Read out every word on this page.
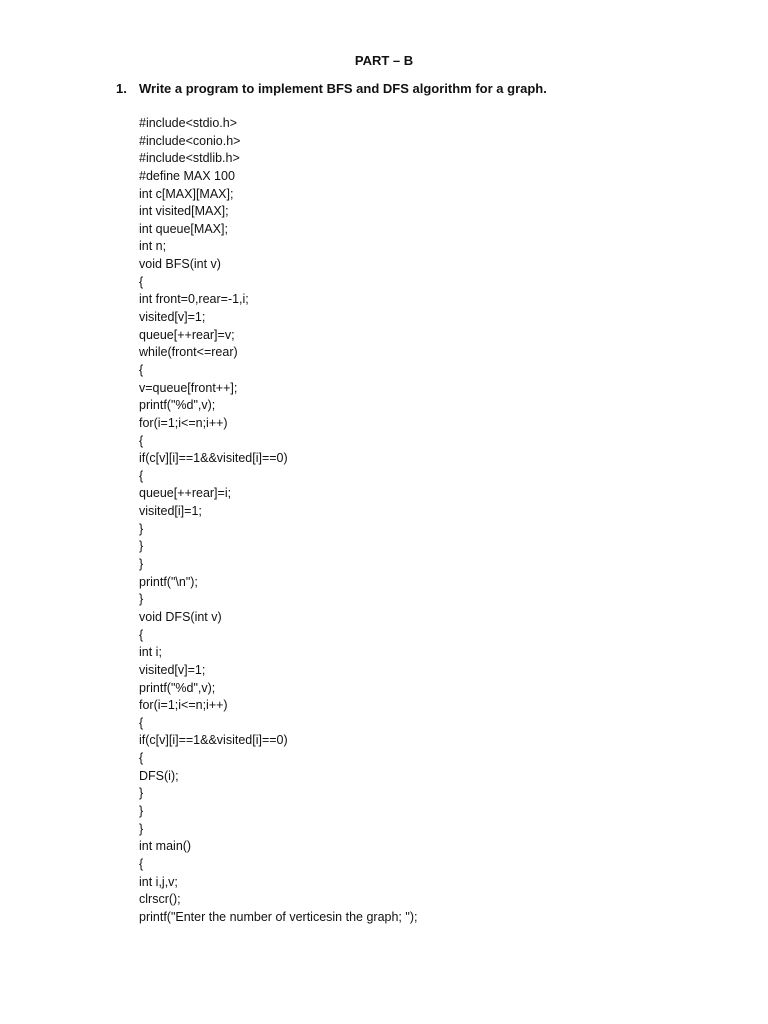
PART – B
1. Write a program to implement BFS and DFS algorithm for a graph.
#include<stdio.h>
#include<conio.h>
#include<stdlib.h>
#define MAX 100
int c[MAX][MAX];
int visited[MAX];
int queue[MAX];
int n;
void BFS(int v)
{
int front=0,rear=-1,i;
visited[v]=1;
queue[++rear]=v;
while(front<=rear)
{
v=queue[front++];
printf("%d",v);
for(i=1;i<=n;i++)
{
if(c[v][i]==1&&visited[i]==0)
{
queue[++rear]=i;
visited[i]=1;
}
}
}
printf("\n");
}
void DFS(int v)
{
int i;
visited[v]=1;
printf("%d",v);
for(i=1;i<=n;i++)
{
if(c[v][i]==1&&visited[i]==0)
{
DFS(i);
}
}
}
int main()
{
int i,j,v;
clrscr();
printf("Enter the number of verticesin the graph; ");
